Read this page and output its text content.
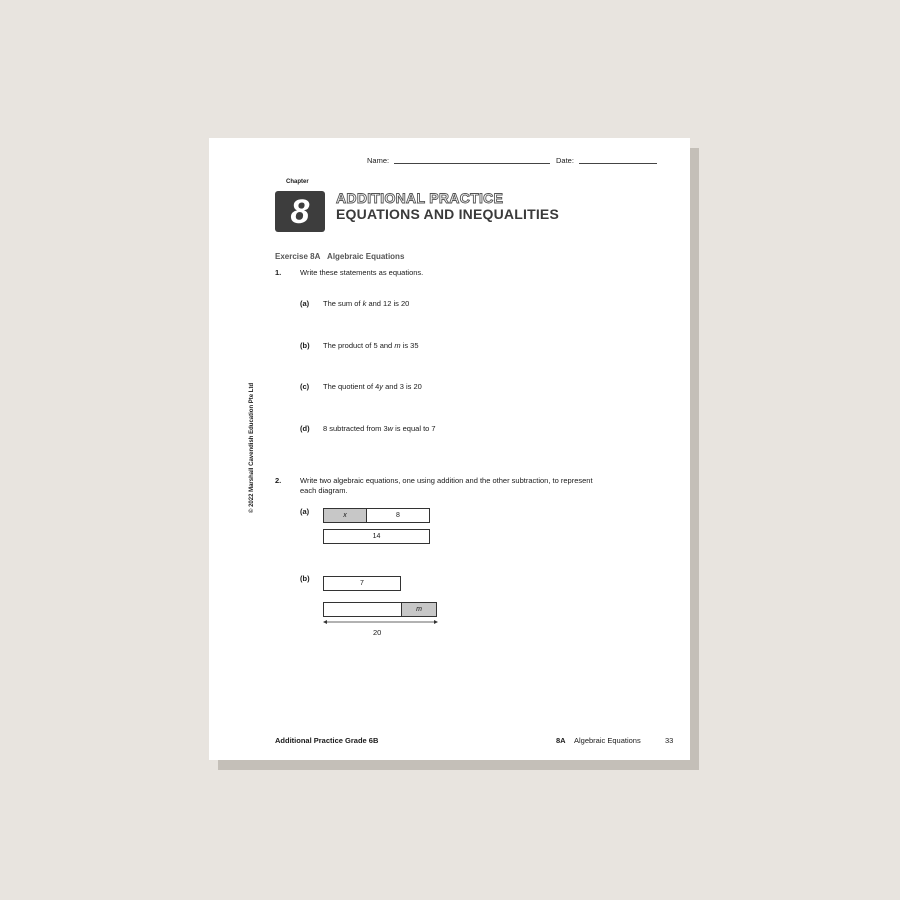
Name:	Date:
Chapter
8	ADDITIONAL PRACTICE
EQUATIONS AND INEQUALITIES
Exercise 8A Algebraic Equations
1. Write these statements as equations.
(a) The sum of k and 12 is 20
(b) The product of 5 and m is 35
(c) The quotient of 4y and 3 is 20
(d) 8 subtracted from 3w is equal to 7
2. Write two algebraic equations, one using addition and the other subtraction, to represent
each diagram.
(a)	x	8
14
(b)
7
m
20
© 2022 Marshall Cavendish Education Pte Ltd
Additional Practice Grade 6B	8A Algebraic Equations	33
